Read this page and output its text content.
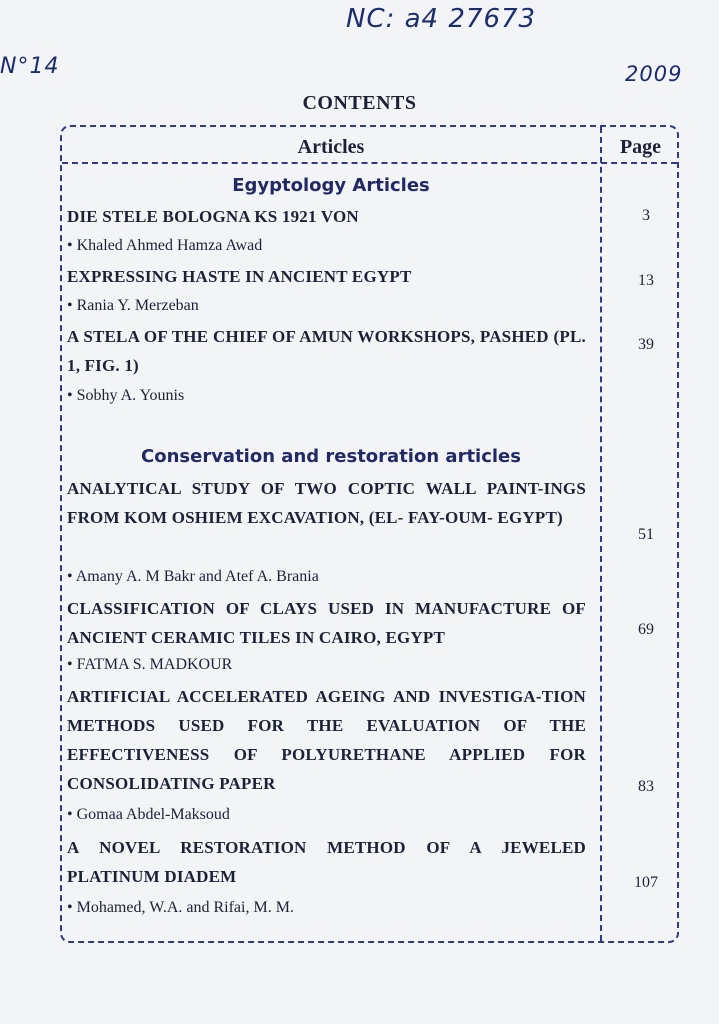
NC: a4 27673
N°14	2009
CONTENTS
Articles	Page
Egyptology Articles
DIE STELE BOLOGNA KS 1921 VON
• Khaled Ahmed Hamza Awad
3
EXPRESSING HASTE IN ANCIENT EGYPT
• Rania Y. Merzeban
13
A STELA OF THE CHIEF OF AMUN WORKSHOPS, PASHED (PL. 1, FIG. 1)
• Sobhy A. Younis
39
Conservation and restoration articles
ANALYTICAL STUDY OF TWO COPTIC WALL PAINT-INGS FROM KOM OSHIEM EXCAVATION, (EL- FAY-OUM- EGYPT)
• Amany A. M Bakr and Atef A. Brania
51
CLASSIFICATION OF CLAYS USED IN MANUFACTURE OF ANCIENT CERAMIC TILES IN CAIRO, EGYPT
• FATMA S. MADKOUR
69
ARTIFICIAL ACCELERATED AGEING AND INVESTIGA-TION METHODS USED FOR THE EVALUATION OF THE EFFECTIVENESS OF POLYURETHANE APPLIED FOR CONSOLIDATING PAPER
• Gomaa Abdel-Maksoud
83
A NOVEL RESTORATION METHOD OF A JEWELED PLATINUM DIADEM
• Mohamed, W.A. and Rifai, M. M.
107
